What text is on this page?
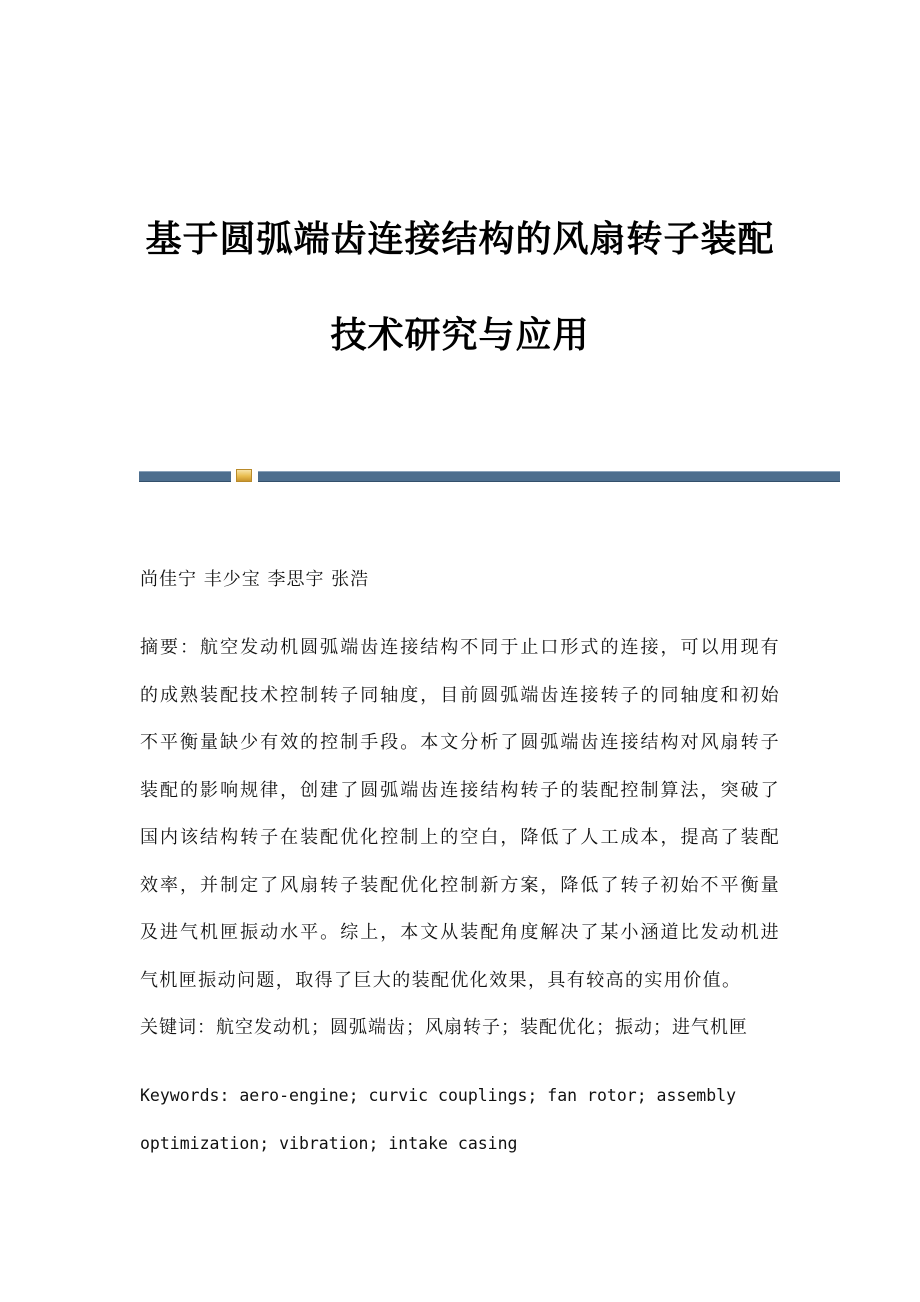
基于圆弧端齿连接结构的风扇转子装配
技术研究与应用

尚佳宁 丰少宝 李思宇 张浩

摘要：航空发动机圆弧端齿连接结构不同于止口形式的连接，可以用现有的成熟装配技术控制转子同轴度，目前圆弧端齿连接转子的同轴度和初始不平衡量缺少有效的控制手段。本文分析了圆弧端齿连接结构对风扇转子装配的影响规律，创建了圆弧端齿连接结构转子的装配控制算法，突破了国内该结构转子在装配优化控制上的空白，降低了人工成本，提高了装配效率，并制定了风扇转子装配优化控制新方案，降低了转子初始不平衡量及进气机匣振动水平。综上，本文从装配角度解决了某小涵道比发动机进气机匣振动问题，取得了巨大的装配优化效果，具有较高的实用价值。

关键词：航空发动机；圆弧端齿；风扇转子；装配优化；振动；进气机匣

Keywords: aero-engine; curvic couplings; fan rotor; assembly optimization; vibration; intake casing
